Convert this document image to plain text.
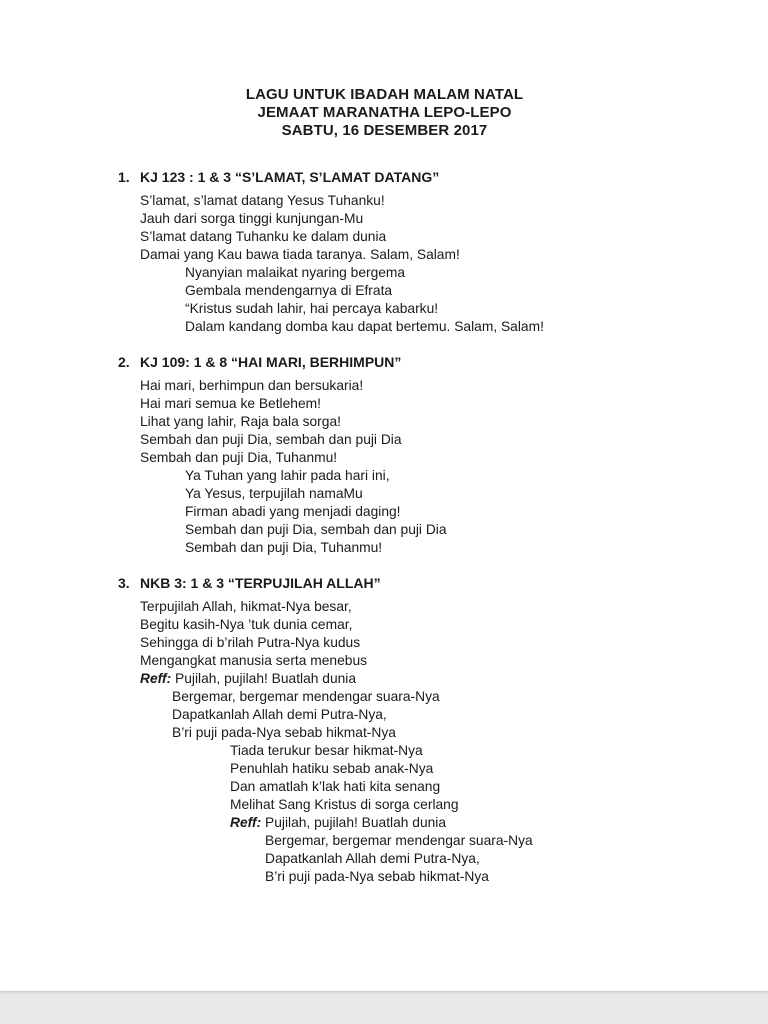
LAGU UNTUK IBADAH MALAM NATAL
JEMAAT MARANATHA LEPO-LEPO
SABTU, 16 DESEMBER 2017
1. KJ 123 : 1 & 3 “S’LAMAT, S’LAMAT DATANG”
S’lamat, s’lamat datang Yesus Tuhanku!
Jauh dari sorga tinggi kunjungan-Mu
S’lamat datang Tuhanku ke dalam dunia
Damai yang Kau bawa tiada taranya. Salam, Salam!
Nyanyian malaikat nyaring bergema
Gembala mendengarnya di Efrata
“Kristus sudah lahir, hai percaya kabarku!
Dalam kandang domba kau dapat bertemu. Salam, Salam!
2. KJ 109: 1 & 8 “HAI MARI, BERHIMPUN”
Hai mari, berhimpun dan bersukaria!
Hai mari semua ke Betlehem!
Lihat yang lahir, Raja bala sorga!
Sembah dan puji Dia, sembah dan puji Dia
Sembah dan puji Dia, Tuhanmu!
Ya Tuhan yang lahir pada hari ini,
Ya Yesus, terpujilah namaMu
Firman abadi yang menjadi daging!
Sembah dan puji Dia, sembah dan puji Dia
Sembah dan puji Dia, Tuhanmu!
3. NKB 3: 1 & 3 “TERPUJILAH ALLAH”
Terpujilah Allah, hikmat-Nya besar,
Begitu kasih-Nya ’tuk dunia cemar,
Sehingga di b’rilah Putra-Nya kudus
Mengangkat manusia serta menebus
Reff: Pujilah, pujilah! Buatlah dunia
Bergemar, bergemar mendengar suara-Nya
Dapatkanlah Allah demi Putra-Nya,
B’ri puji pada-Nya sebab hikmat-Nya
Tiada terukur besar hikmat-Nya
Penuhlah hatiku sebab anak-Nya
Dan amatlah k’lak hati kita senang
Melihat Sang Kristus di sorga cerlang
Reff: Pujilah, pujilah! Buatlah dunia
Bergemar, bergemar mendengar suara-Nya
Dapatkanlah Allah demi Putra-Nya,
B’ri puji pada-Nya sebab hikmat-Nya
